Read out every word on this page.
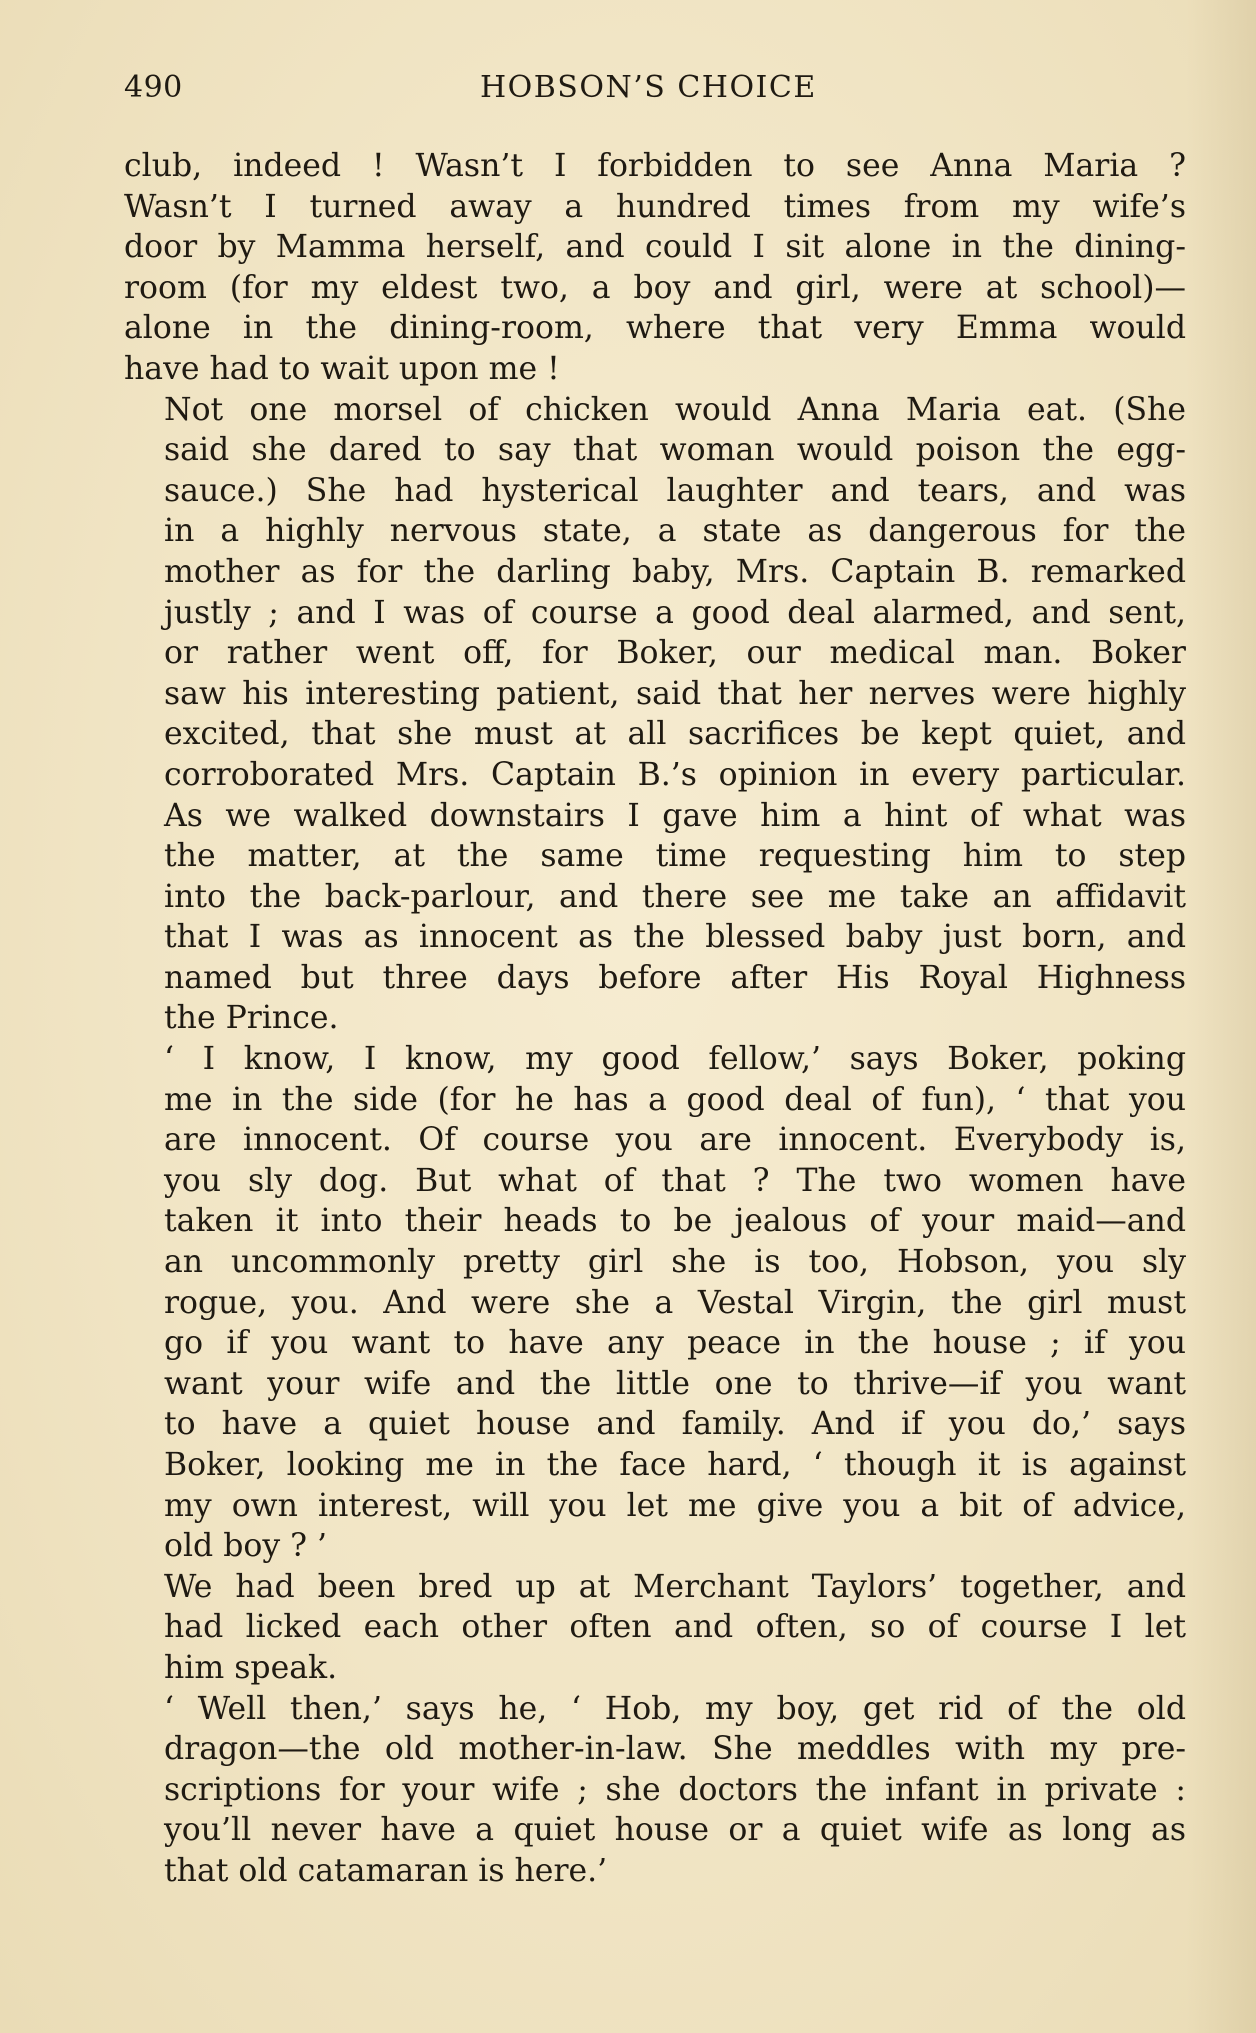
490	HOBSON’S CHOICE

club, indeed ! Wasn’t I forbidden to see Anna Maria ?
Wasn’t I turned away a hundred times from my wife’s
door by Mamma herself, and could I sit alone in the dining-
room (for my eldest two, a boy and girl, were at school)—
alone in the dining-room, where that very Emma would
have had to wait upon me !

Not one morsel of chicken would Anna Maria eat. (She
said she dared to say that woman would poison the egg-
sauce.) She had hysterical laughter and tears, and was
in a highly nervous state, a state as dangerous for the
mother as for the darling baby, Mrs. Captain B. remarked
justly ; and I was of course a good deal alarmed, and sent,
or rather went off, for Boker, our medical man. Boker
saw his interesting patient, said that her nerves were highly
excited, that she must at all sacrifices be kept quiet, and
corroborated Mrs. Captain B.’s opinion in every particular.
As we walked downstairs I gave him a hint of what was
the matter, at the same time requesting him to step
into the back-parlour, and there see me take an affidavit
that I was as innocent as the blessed baby just born, and
named but three days before after His Royal Highness
the Prince.

‘ I know, I know, my good fellow,’ says Boker, poking
me in the side (for he has a good deal of fun), ‘ that you
are innocent. Of course you are innocent. Everybody is,
you sly dog. But what of that ? The two women have
taken it into their heads to be jealous of your maid—and
an uncommonly pretty girl she is too, Hobson, you sly
rogue, you. And were she a Vestal Virgin, the girl must
go if you want to have any peace in the house ; if you
want your wife and the little one to thrive—if you want
to have a quiet house and family. And if you do,’ says
Boker, looking me in the face hard, ‘ though it is against
my own interest, will you let me give you a bit of advice,
old boy ? ’

We had been bred up at Merchant Taylors’ together, and
had licked each other often and often, so of course I let
him speak.

‘ Well then,’ says he, ‘ Hob, my boy, get rid of the old
dragon—the old mother-in-law. She meddles with my pre-
scriptions for your wife ; she doctors the infant in private :
you’ll never have a quiet house or a quiet wife as long as
that old catamaran is here.’
